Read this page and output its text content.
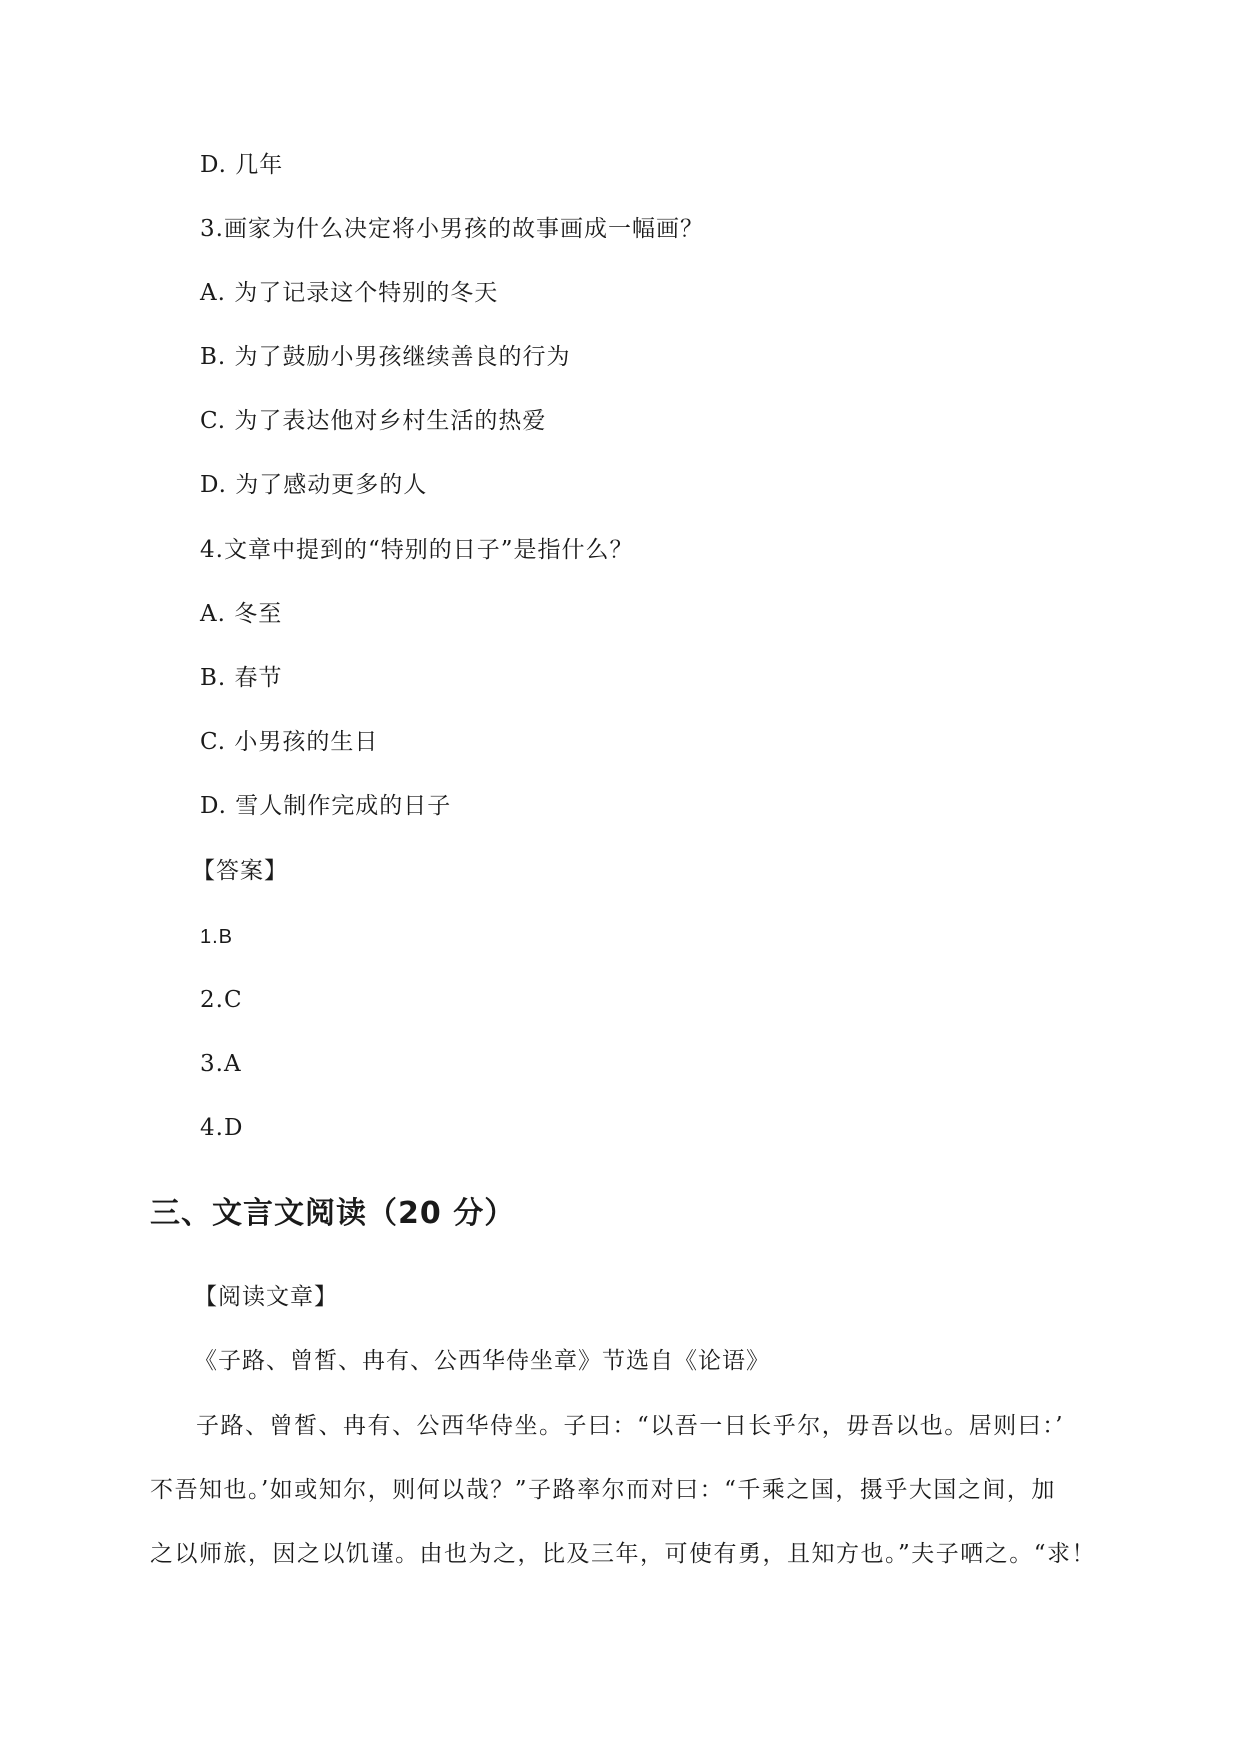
D. 几年
3.画家为什么决定将小男孩的故事画成一幅画？
A. 为了记录这个特别的冬天
B. 为了鼓励小男孩继续善良的行为
C. 为了表达他对乡村生活的热爱
D. 为了感动更多的人
4.文章中提到的“特别的日子”是指什么？
A. 冬至
B. 春节
C. 小男孩的生日
D. 雪人制作完成的日子
【答案】
1.B
2.C
3.A
4.D
三、文言文阅读（20 分）
【阅读文章】
《子路、曾皙、冉有、公西华侍坐章》节选自《论语》
子路、曾皙、冉有、公西华侍坐。子曰：“以吾一日长乎尔，毋吾以也。居则曰：’
不吾知也。’如或知尔，则何以哉？”子路率尔而对曰：“千乘之国，摄乎大国之间，加
之以师旅，因之以饥谨。由也为之，比及三年，可使有勇，且知方也。”夫子哂之。“求！
